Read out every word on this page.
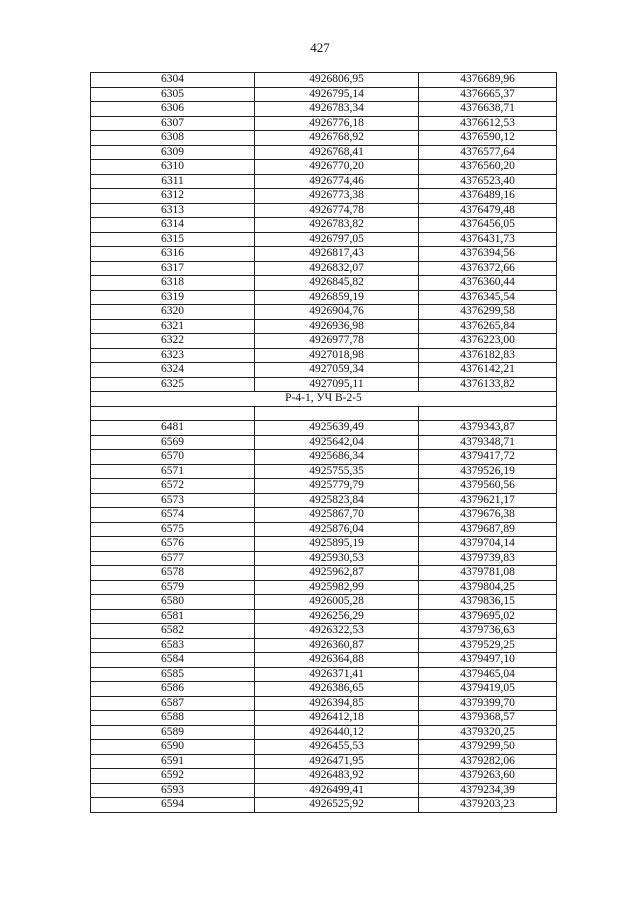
427
6304	4926806,95	4376689,96
6305	4926795,14	4376665,37
6306	4926783,34	4376638,71
6307	4926776,18	4376612,53
6308	4926768,92	4376590,12
6309	4926768,41	4376577,64
6310	4926770,20	4376560,20
6311	4926774,46	4376523,40
6312	4926773,38	4376489,16
6313	4926774,78	4376479,48
6314	4926783,82	4376456,05
6315	4926797,05	4376431,73
6316	4926817,43	4376394,56
6317	4926832,07	4376372,66
6318	4926845,82	4376360,44
6319	4926859,19	4376345,54
6320	4926904,76	4376299,58
6321	4926936,98	4376265,84
6322	4926977,78	4376223,00
6323	4927018,98	4376182,83
6324	4927059,34	4376142,21
6325	4927095,11	4376133,82
Р-4-1, УЧ В-2-5		

6481	4925639,49	4379343,87
6569	4925642,04	4379348,71
6570	4925686,34	4379417,72
6571	4925755,35	4379526,19
6572	4925779,79	4379560,56
6573	4925823,84	4379621,17
6574	4925867,70	4379676,38
6575	4925876,04	4379687,89
6576	4925895,19	4379704,14
6577	4925930,53	4379739,83
6578	4925962,87	4379781,08
6579	4925982,99	4379804,25
6580	4926005,28	4379836,15
6581	4926256,29	4379695,02
6582	4926322,53	4379736,63
6583	4926360,87	4379529,25
6584	4926364,88	4379497,10
6585	4926371,41	4379465,04
6586	4926386,65	4379419,05
6587	4926394,85	4379399,70
6588	4926412,18	4379368,57
6589	4926440,12	4379320,25
6590	4926455,53	4379299,50
6591	4926471,95	4379282,06
6592	4926483,92	4379263,60
6593	4926499,41	4379234,39
6594	4926525,92	4379203,23
